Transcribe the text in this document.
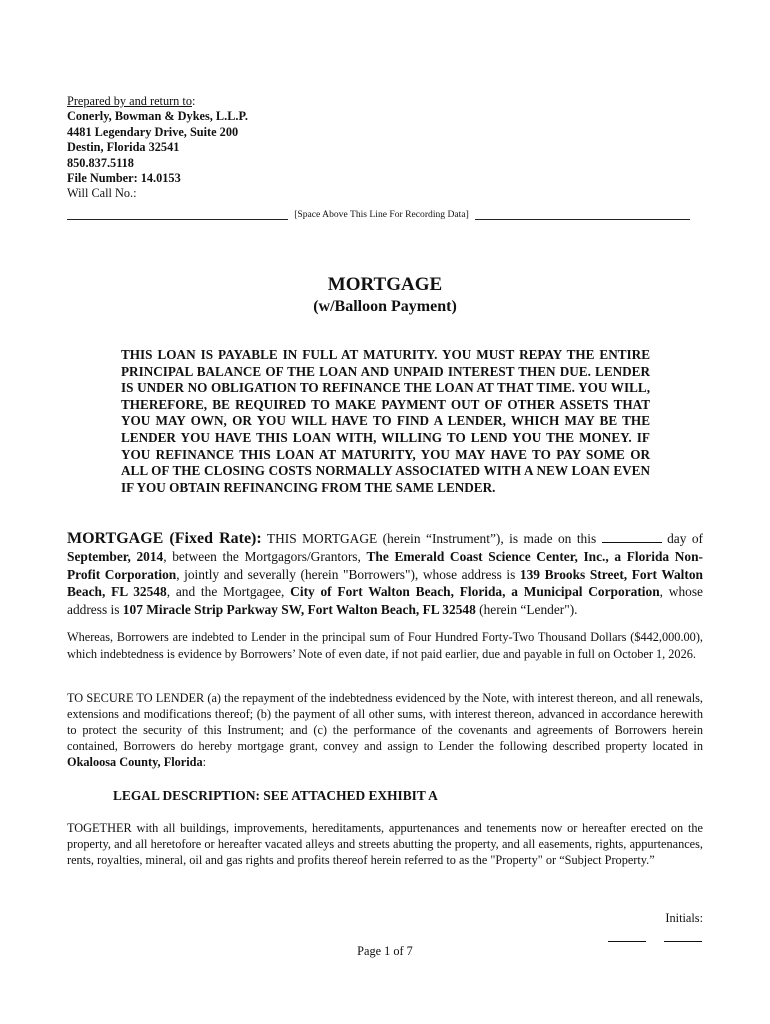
Prepared by and return to:
Conerly, Bowman & Dykes, L.L.P.
4481 Legendary Drive, Suite 200
Destin, Florida 32541
850.837.5118
File Number: 14.0153
Will Call No.:
[Space Above This Line For Recording Data]
MORTGAGE
(w/Balloon Payment)
THIS LOAN IS PAYABLE IN FULL AT MATURITY. YOU MUST REPAY THE ENTIRE PRINCIPAL BALANCE OF THE LOAN AND UNPAID INTEREST THEN DUE. LENDER IS UNDER NO OBLIGATION TO REFINANCE THE LOAN AT THAT TIME. YOU WILL, THEREFORE, BE REQUIRED TO MAKE PAYMENT OUT OF OTHER ASSETS THAT YOU MAY OWN, OR YOU WILL HAVE TO FIND A LENDER, WHICH MAY BE THE LENDER YOU HAVE THIS LOAN WITH, WILLING TO LEND YOU THE MONEY. IF YOU REFINANCE THIS LOAN AT MATURITY, YOU MAY HAVE TO PAY SOME OR ALL OF THE CLOSING COSTS NORMALLY ASSOCIATED WITH A NEW LOAN EVEN IF YOU OBTAIN REFINANCING FROM THE SAME LENDER.
MORTGAGE (Fixed Rate): THIS MORTGAGE (herein “Instrument”), is made on this	day of September, 2014, between the Mortgagors/Grantors, The Emerald Coast Science Center, Inc., a Florida Non-Profit Corporation, jointly and severally (herein "Borrowers"), whose address is 139 Brooks Street, Fort Walton Beach, FL 32548, and the Mortgagee, City of Fort Walton Beach, Florida, a Municipal Corporation, whose address is 107 Miracle Strip Parkway SW, Fort Walton Beach, FL 32548 (herein “Lender").
Whereas, Borrowers are indebted to Lender in the principal sum of Four Hundred Forty-Two Thousand Dollars ($442,000.00), which indebtedness is evidence by Borrowers’ Note of even date, if not paid earlier, due and payable in full on October 1, 2026.
TO SECURE TO LENDER (a) the repayment of the indebtedness evidenced by the Note, with interest thereon, and all renewals, extensions and modifications thereof; (b) the payment of all other sums, with interest thereon, advanced in accordance herewith to protect the security of this Instrument; and (c) the performance of the covenants and agreements of Borrowers herein contained, Borrowers do hereby mortgage grant, convey and assign to Lender the following described property located in Okaloosa County, Florida:
LEGAL DESCRIPTION: SEE ATTACHED EXHIBIT A
TOGETHER with all buildings, improvements, hereditaments, appurtenances and tenements now or hereafter erected on the property, and all heretofore or hereafter vacated alleys and streets abutting the property, and all easements, rights, appurtenances, rents, royalties, mineral, oil and gas rights and profits thereof herein referred to as the "Property" or “Subject Property.”
Initials:
Page 1 of 7
